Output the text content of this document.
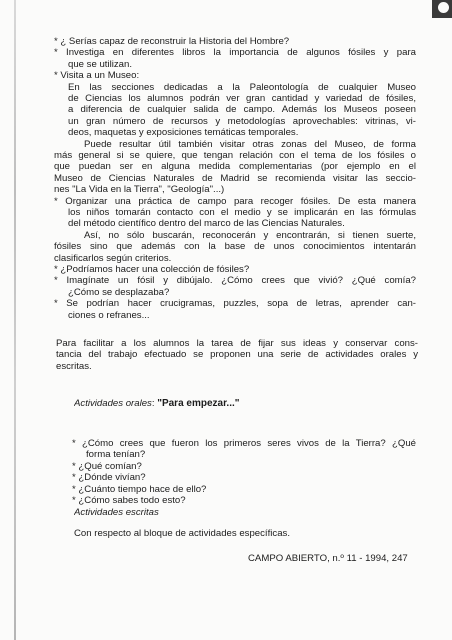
* ¿ Serías capaz de reconstruir la Historia del Hombre?
* Investiga en diferentes libros la importancia de algunos fósiles y para
que se utilizan.
* Visita a un Museo:
En las secciones dedicadas a la Paleontología de cualquier Museo
de Ciencias los alumnos podrán ver gran cantidad y variedad de fósiles,
a diferencia de cualquier salida de campo. Además los Museos poseen
un gran número de recursos y metodologías aprovechables: vitrinas, vi-
deos, maquetas y exposiciones temáticas temporales.
Puede resultar útil también visitar otras zonas del Museo, de forma
más general si se quiere, que tengan relación con el tema de los fósiles o
que puedan ser en alguna medida complementarias (por ejemplo en el
Museo de Ciencias Naturales de Madrid se recomienda visitar las seccio-
nes "La Vida en la Tierra", "Geología"...)
* Organizar una práctica de campo para recoger fósiles. De esta manera
los niños tomarán contacto con el medio y se implicarán en las fórmulas
del método científico dentro del marco de las Ciencias Naturales.
Así, no sólo buscarán, reconocerán y encontrarán, si tienen suerte,
fósiles sino que además con la base de unos conocimientos intentarán
clasificarlos según criterios.
* ¿Podríamos hacer una colección de fósiles?
* Imagínate un fósil y dibújalo. ¿Cómo crees que vivió? ¿Qué comía?
¿Cómo se desplazaba?
* Se podrían hacer crucigramas, puzzles, sopa de letras, aprender can-
ciones o refranes...
Para facilitar a los alumnos la tarea de fijar sus ideas y conservar cons-
tancia del trabajo efectuado se proponen una serie de actividades orales y
escritas.
Actividades orales: "Para empezar..."
* ¿Cómo crees que fueron los primeros seres vivos de la Tierra? ¿Qué
forma tenían?
* ¿Qué comían?
* ¿Dónde vivían?
* ¿Cuánto tiempo hace de ello?
* ¿Cómo sabes todo esto?
Actividades escritas
Con respecto al bloque de actividades específicas.
CAMPO ABIERTO, n.º 11 - 1994, 247
